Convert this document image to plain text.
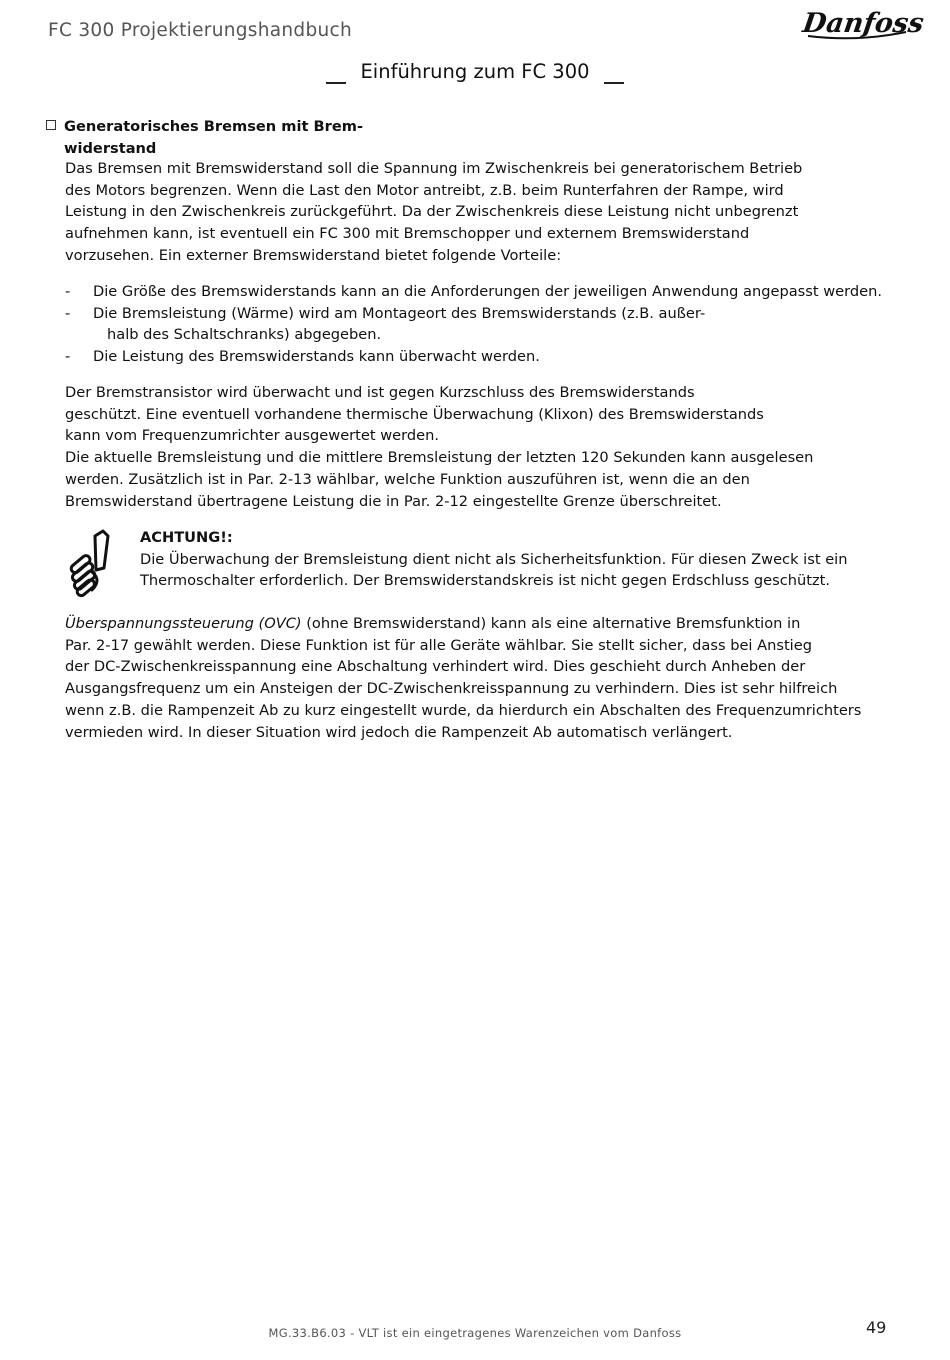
FC 300 Projektierungshandbuch	Danfoss
Einführung zum FC 300
Generatorisches Bremsen mit Brem-
widerstand
Das Bremsen mit Bremswiderstand soll die Spannung im Zwischenkreis bei generatorischem Betrieb
des Motors begrenzen. Wenn die Last den Motor antreibt, z.B. beim Runterfahren der Rampe, wird
Leistung in den Zwischenkreis zurückgeführt. Da der Zwischenkreis diese Leistung nicht unbegrenzt
aufnehmen kann, ist eventuell ein FC 300 mit Bremschopper und externem Bremswiderstand
vorzusehen. Ein externer Bremswiderstand bietet folgende Vorteile:
- Die Größe des Bremswiderstands kann an die Anforderungen der jeweiligen Anwendung angepasst werden.
- Die Bremsleistung (Wärme) wird am Montageort des Bremswiderstands (z.B. außer-
halb des Schaltschranks) abgegeben.
- Die Leistung des Bremswiderstands kann überwacht werden.
Der Bremstransistor wird überwacht und ist gegen Kurzschluss des Bremswiderstands
geschützt. Eine eventuell vorhandene thermische Überwachung (Klixon) des Bremswiderstands
kann vom Frequenzumrichter ausgewertet werden.
Die aktuelle Bremsleistung und die mittlere Bremsleistung der letzten 120 Sekunden kann ausgelesen
werden. Zusätzlich ist in Par. 2-13 wählbar, welche Funktion auszuführen ist, wenn die an den
Bremswiderstand übertragene Leistung die in Par. 2-12 eingestellte Grenze überschreitet.
ACHTUNG!:
Die Überwachung der Bremsleistung dient nicht als Sicherheitsfunktion. Für diesen Zweck ist ein
Thermoschalter erforderlich. Der Bremswiderstandskreis ist nicht gegen Erdschluss geschützt.
Überspannungssteuerung (OVC) (ohne Bremswiderstand) kann als eine alternative Bremsfunktion in
Par. 2-17 gewählt werden. Diese Funktion ist für alle Geräte wählbar. Sie stellt sicher, dass bei Anstieg
der DC-Zwischenkreisspannung eine Abschaltung verhindert wird. Dies geschieht durch Anheben der
Ausgangsfrequenz um ein Ansteigen der DC-Zwischenkreisspannung zu verhindern. Dies ist sehr hilfreich
wenn z.B. die Rampenzeit Ab zu kurz eingestellt wurde, da hierdurch ein Abschalten des Frequenzumrichters
vermieden wird. In dieser Situation wird jedoch die Rampenzeit Ab automatisch verlängert.
MG.33.B6.03 - VLT ist ein eingetragenes Warenzeichen vom Danfoss	49
